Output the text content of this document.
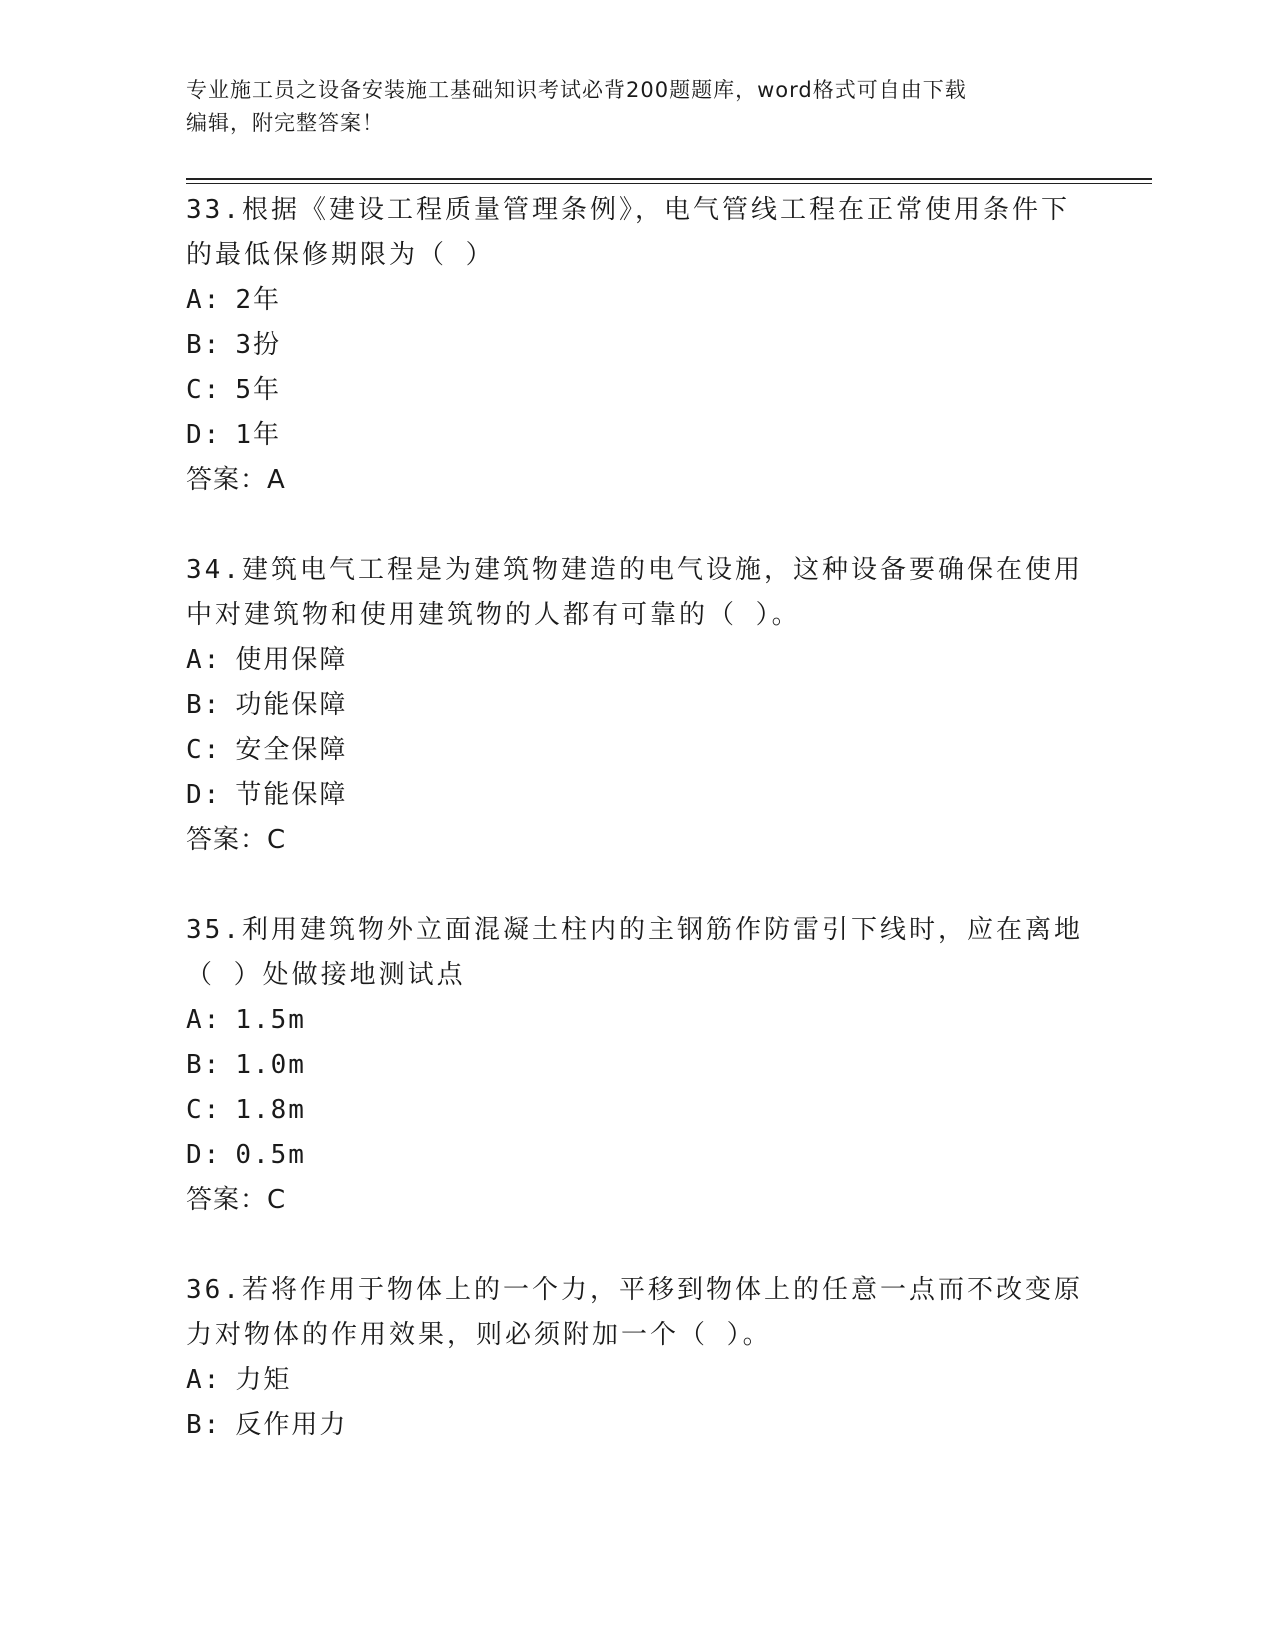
专业施工员之设备安装施工基础知识考试必背200题题库，word格式可自由下载
编辑，附完整答案！
33.根据《建设工程质量管理条例》，电气管线工程在正常使用条件下
的最低保修期限为（ ）
A: 2年
B: 3扮
C: 5年
D: 1年
答案：A
34.建筑电气工程是为建筑物建造的电气设施，这种设备要确保在使用
中对建筑物和使用建筑物的人都有可靠的（ ）。
A: 使用保障
B: 功能保障
C: 安全保障
D: 节能保障
答案：C
35.利用建筑物外立面混凝土柱内的主钢筋作防雷引下线时，应在离地
（ ）处做接地测试点
A: 1.5m
B: 1.0m
C: 1.8m
D: 0.5m
答案：C
36.若将作用于物体上的一个力，平移到物体上的任意一点而不改变原
力对物体的作用效果，则必须附加一个（ ）。
A: 力矩
B: 反作用力
